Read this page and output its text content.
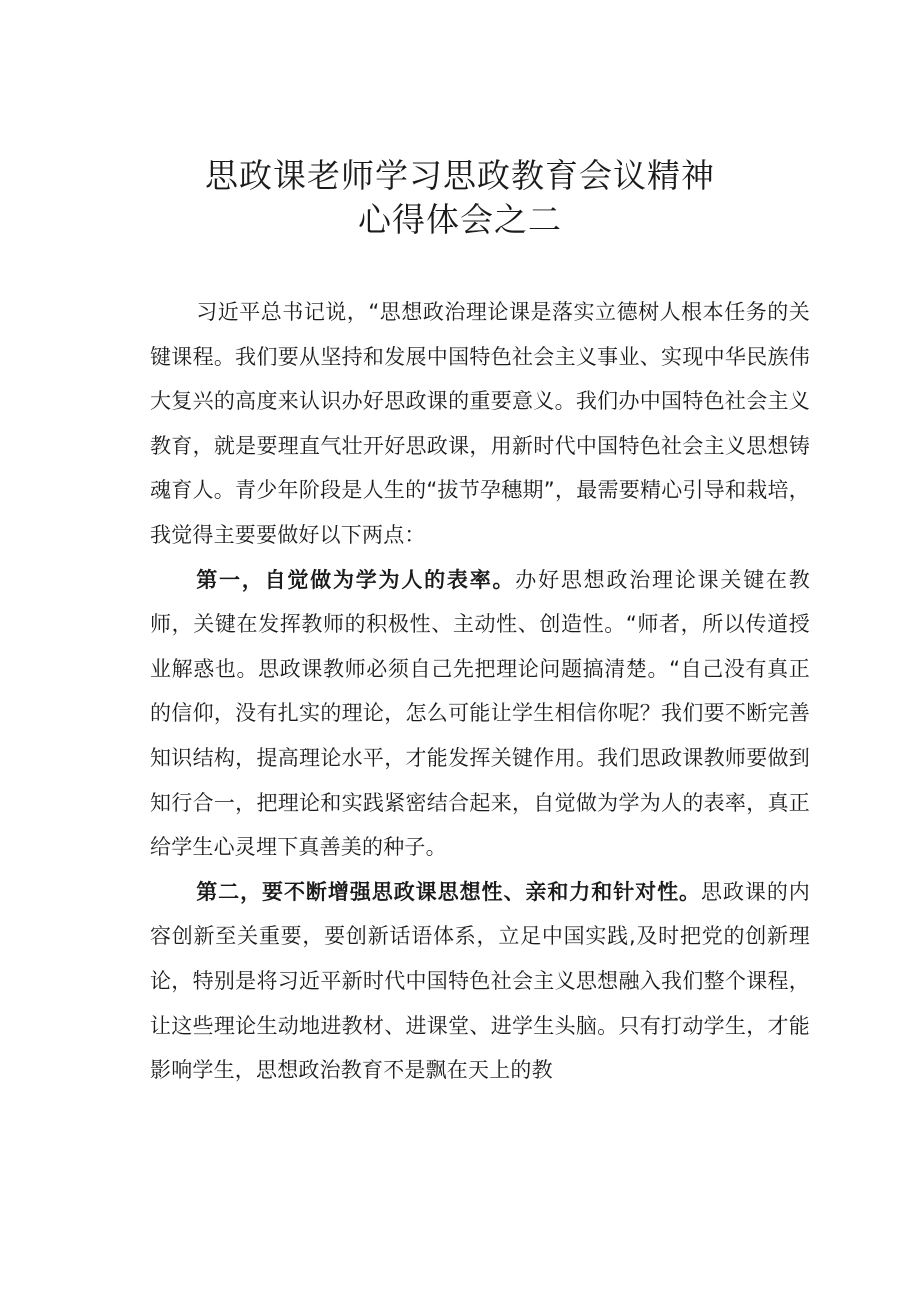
思政课老师学习思政教育会议精神
心得体会之二

习近平总书记说，“思想政治理论课是落实立德树人根本任务的关键课程。我们要从坚持和发展中国特色社会主义事业、实现中华民族伟大复兴的高度来认识办好思政课的重要意义。我们办中国特色社会主义教育，就是要理直气壮开好思政课，用新时代中国特色社会主义思想铸魂育人。青少年阶段是人生的“拔节孕穗期”，最需要精心引导和栽培，我觉得主要要做好以下两点：

第一，自觉做为学为人的表率。办好思想政治理论课关键在教师，关键在发挥教师的积极性、主动性、创造性。“师者，所以传道授业解惑也。思政课教师必须自己先把理论问题搞清楚。“自己没有真正的信仰，没有扎实的理论，怎么可能让学生相信你呢？我们要不断完善知识结构，提高理论水平，才能发挥关键作用。我们思政课教师要做到知行合一，把理论和实践紧密结合起来，自觉做为学为人的表率，真正给学生心灵埋下真善美的种子。

第二，要不断增强思政课思想性、亲和力和针对性。思政课的内容创新至关重要，要创新话语体系，立足中国实践,及时把党的创新理论，特别是将习近平新时代中国特色社会主义思想融入我们整个课程，让这些理论生动地进教材、进课堂、进学生头脑。只有打动学生，才能影响学生，思想政治教育不是飘在天上的教
